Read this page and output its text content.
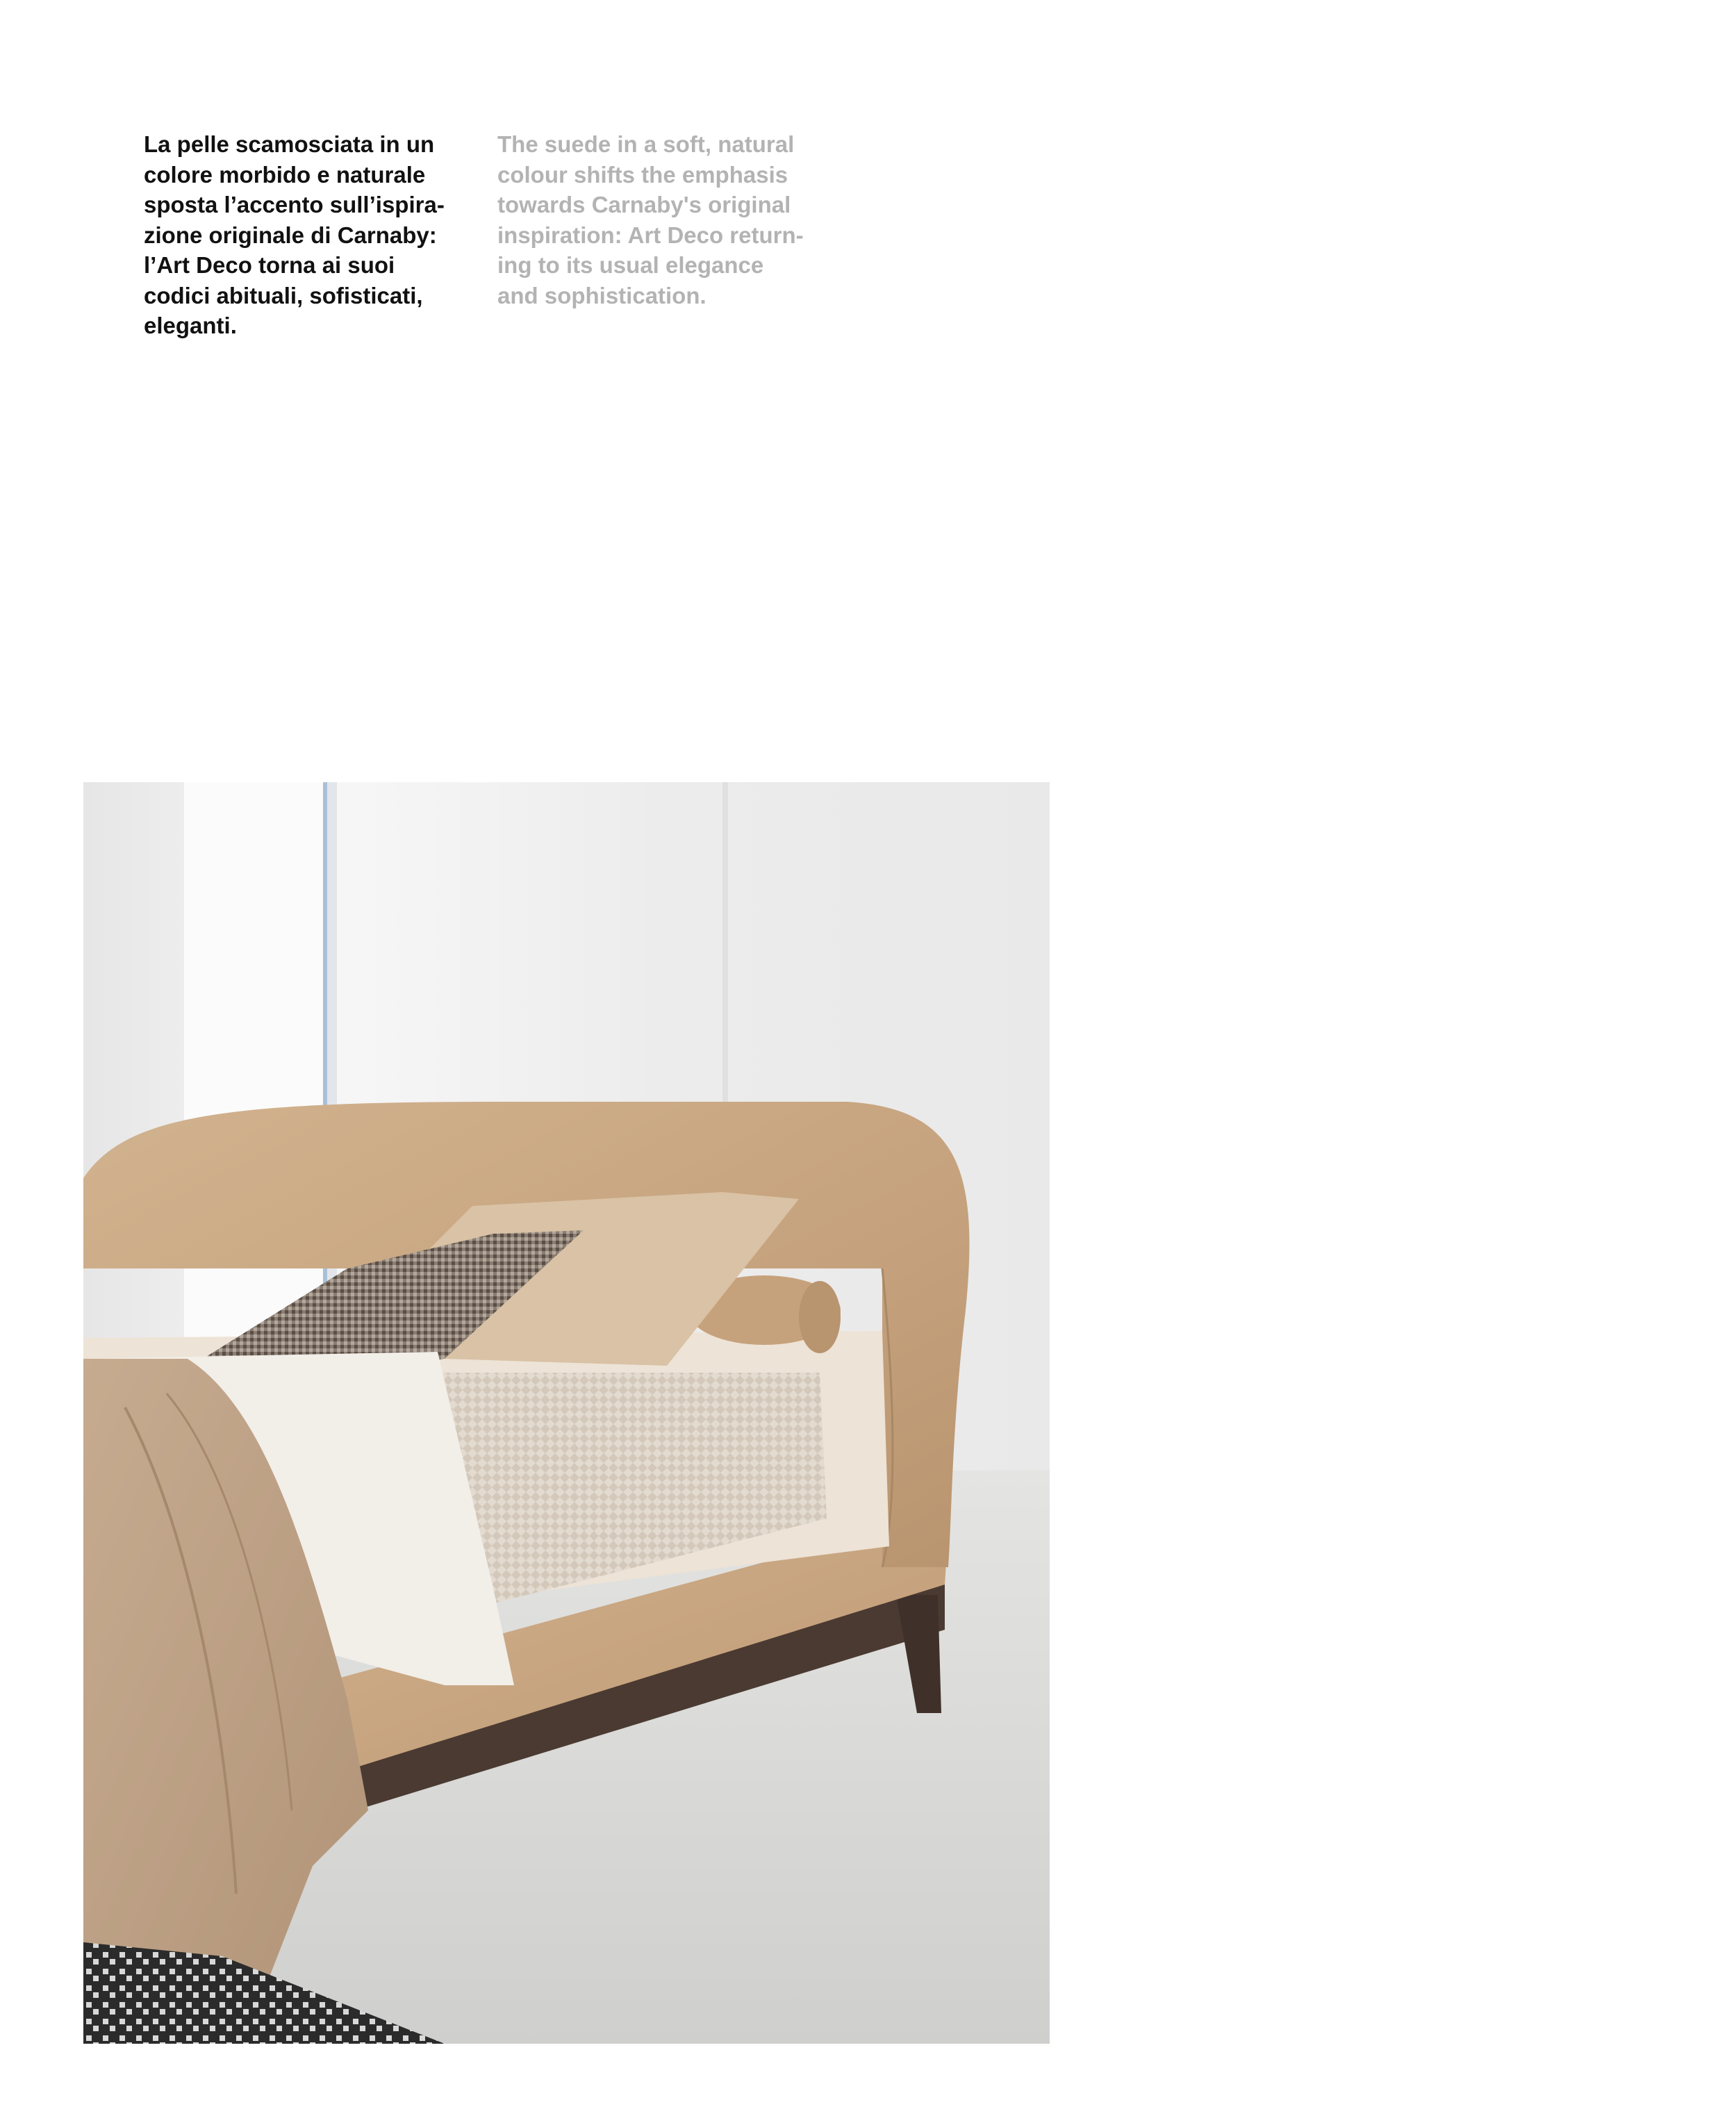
La pelle scamosciata in un
colore morbido e naturale
sposta l’accento sull’ispira-
zione originale di Carnaby:
l’Art Deco torna ai suoi
codici abituali, sofisticati,
eleganti.

The suede in a soft, natural
colour shifts the emphasis
towards Carnaby's original
inspiration: Art Deco return-
ing to its usual elegance
and sophistication.
